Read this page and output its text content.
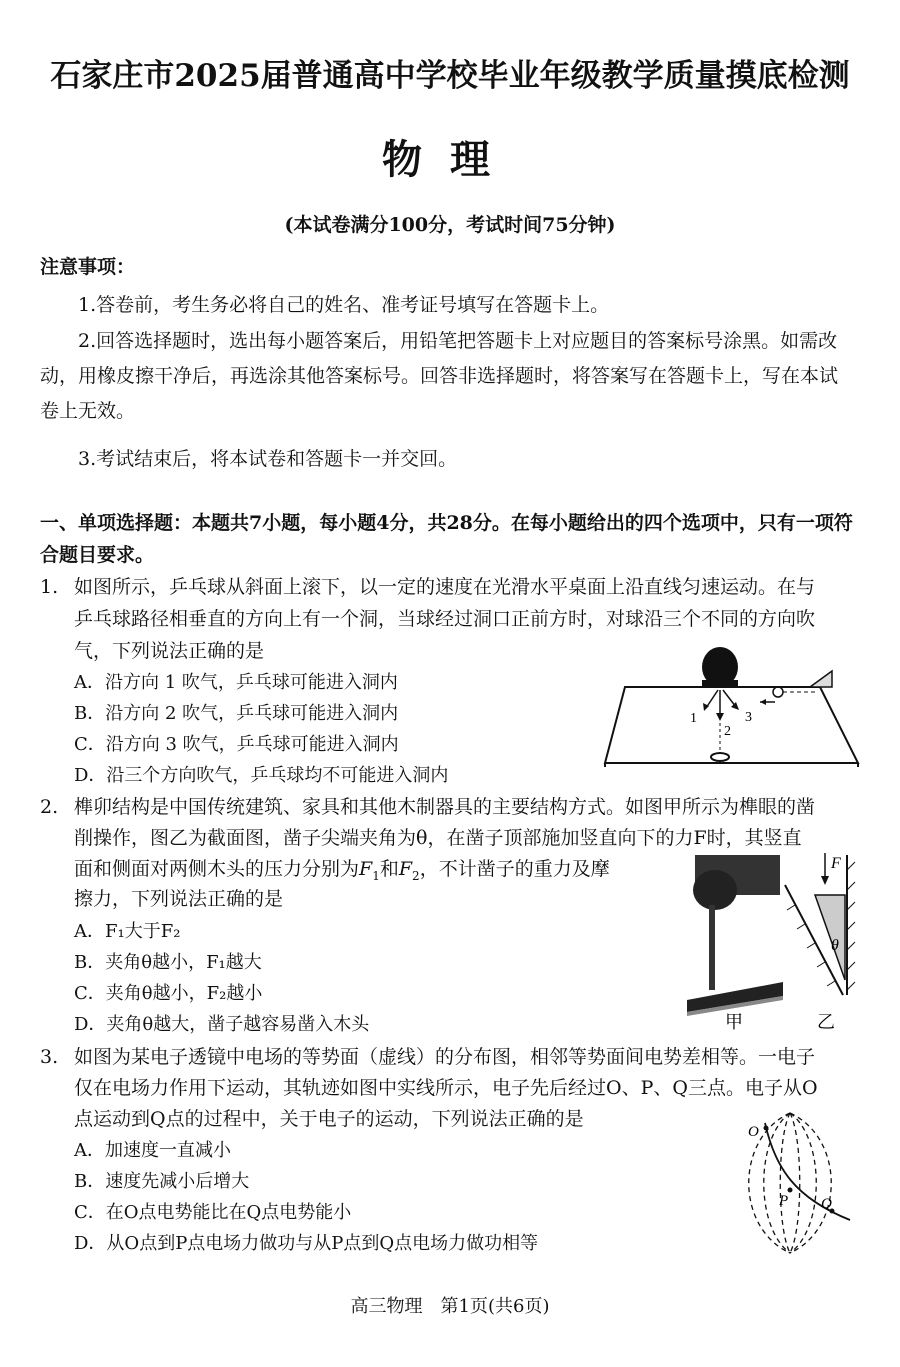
石家庄市2025届普通高中学校毕业年级教学质量摸底检测
物理
(本试卷满分100分，考试时间75分钟)
注意事项：
1.答卷前，考生务必将自己的姓名、准考证号填写在答题卡上。
2.回答选择题时，选出每小题答案后，用铅笔把答题卡上对应题目的答案标号涂黑。如需改
动，用橡皮擦干净后，再选涂其他答案标号。回答非选择题时，将答案写在答题卡上，写在本试
卷上无效。
3.考试结束后，将本试卷和答题卡一并交回。
一、单项选择题：本题共7小题，每小题4分，共28分。在每小题给出的四个选项中，只有一项符
合题目要求。
1. 如图所示，乒乓球从斜面上滚下，以一定的速度在光滑水平桌面上沿直线匀速运动。在与
乒乓球路径相垂直的方向上有一个洞，当球经过洞口正前方时，对球沿三个不同的方向吹
气，下列说法正确的是
A．沿方向 1 吹气，乒乓球可能进入洞内
B．沿方向 2 吹气，乒乓球可能进入洞内
C．沿方向 3 吹气，乒乓球可能进入洞内
D．沿三个方向吹气，乒乓球均不可能进入洞内
1
2
3
2. 榫卯结构是中国传统建筑、家具和其他木制器具的主要结构方式。如图甲所示为榫眼的凿
削操作，图乙为截面图，凿子尖端夹角为θ，在凿子顶部施加竖直向下的力F时，其竖直
面和侧面对两侧木头的压力分别为$F_1$和$F_2$，不计凿子的重力及摩
擦力，下列说法正确的是
A．F₁大于F₂
B．夹角θ越小，F₁越大
C．夹角θ越小，F₂越小
D．夹角θ越大，凿子越容易凿入木头	甲
F
θ
乙
3. 如图为某电子透镜中电场的等势面（虚线）的分布图，相邻等势面间电势差相等。一电子
仅在电场力作用下运动，其轨迹如图中实线所示，电子先后经过O、P、Q三点。电子从O
点运动到Q点的过程中，关于电子的运动，下列说法正确的是
A．加速度一直减小
B．速度先减小后增大
C．在O点电势能比在Q点电势能小
D．从O点到P点电场力做功与从P点到Q点电场力做功相等
O
P Q
高三物理　第1页(共6页)
